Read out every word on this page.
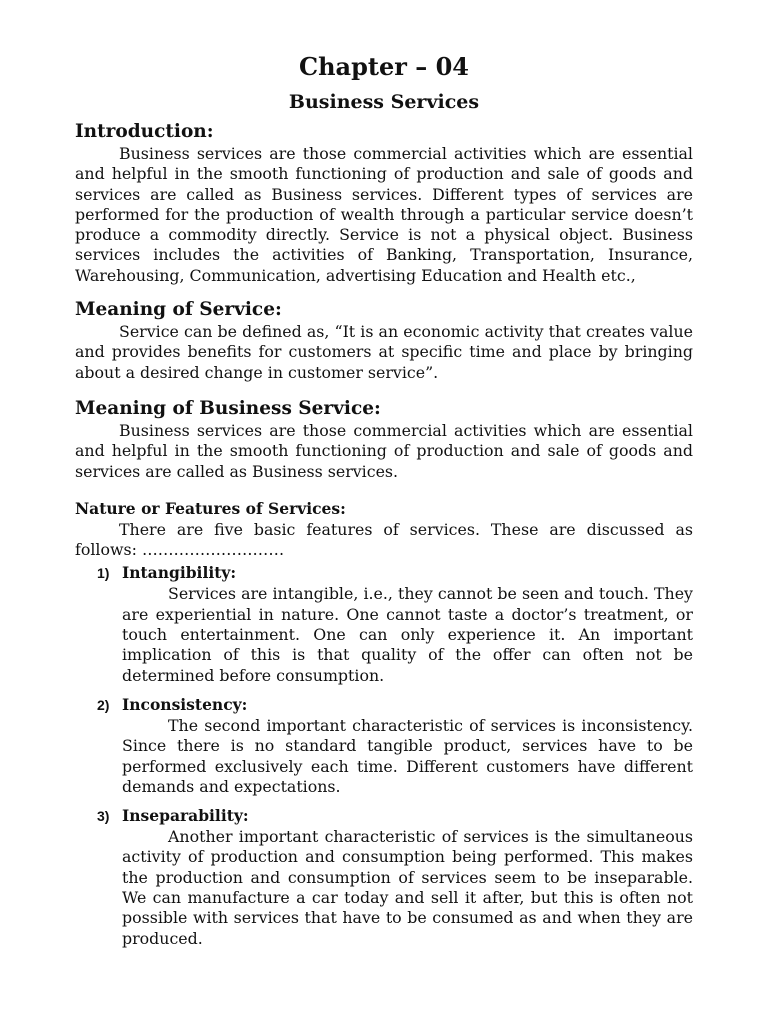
Chapter – 04
Business Services
Introduction:

Business services are those commercial activities which are essential and helpful in the smooth functioning of production and sale of goods and services are called as Business services. Different types of services are performed for the production of wealth through a particular service doesn’t produce a commodity directly. Service is not a physical object. Business services includes the activities of Banking, Transportation, Insurance, Warehousing, Communication, advertising Education and Health etc.,

Meaning of Service:

Service can be defined as, “It is an economic activity that creates value and provides benefits for customers at specific time and place by bringing about a desired change in customer service”.

Meaning of Business Service:

Business services are those commercial activities which are essential and helpful in the smooth functioning of production and sale of goods and services are called as Business services.

Nature or Features of Services:

There are five basic features of services. These are discussed as follows: ………………………

1) Intangibility:

Services are intangible, i.e., they cannot be seen and touch. They are experiential in nature. One cannot taste a doctor’s treatment, or touch entertainment. One can only experience it. An important implication of this is that quality of the offer can often not be determined before consumption.

2) Inconsistency:

The second important characteristic of services is inconsistency. Since there is no standard tangible product, services have to be performed exclusively each time. Different customers have different demands and expectations.

3) Inseparability:

Another important characteristic of services is the simultaneous activity of production and consumption being performed. This makes the production and consumption of services seem to be inseparable. We can manufacture a car today and sell it after, but this is often not possible with services that have to be consumed as and when they are produced.
